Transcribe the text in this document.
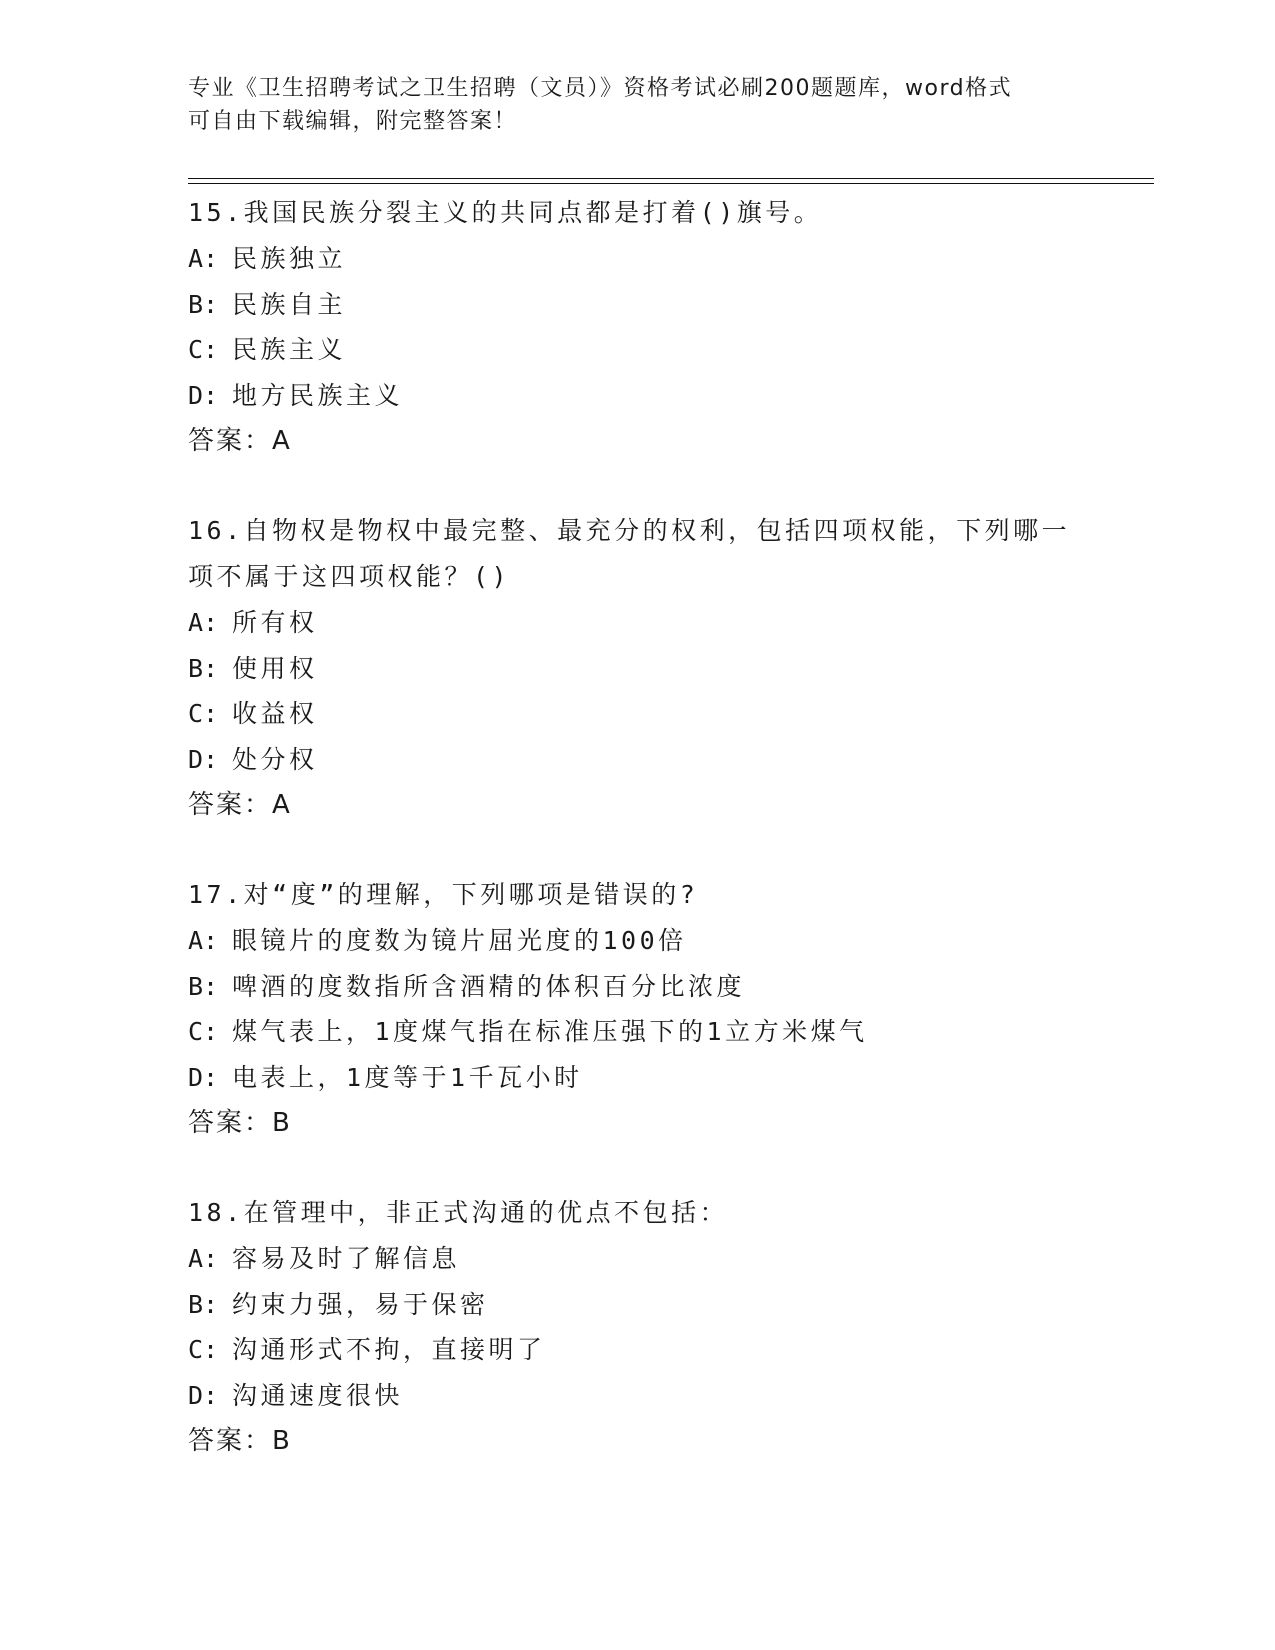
专业《卫生招聘考试之卫生招聘（文员）》资格考试必刷200题题库，word格式
可自由下载编辑，附完整答案！
15.我国民族分裂主义的共同点都是打着()旗号。
A: 民族独立
B: 民族自主
C: 民族主义
D: 地方民族主义
答案：A
16.自物权是物权中最完整、最充分的权利，包括四项权能，下列哪一项不属于这四项权能？()
A: 所有权
B: 使用权
C: 收益权
D: 处分权
答案：A
17.对“度”的理解，下列哪项是错误的?
A: 眼镜片的度数为镜片屈光度的100倍
B: 啤酒的度数指所含酒精的体积百分比浓度
C: 煤气表上，1度煤气指在标准压强下的1立方米煤气
D: 电表上，1度等于1千瓦小时
答案：B
18.在管理中，非正式沟通的优点不包括：
A: 容易及时了解信息
B: 约束力强，易于保密
C: 沟通形式不拘，直接明了
D: 沟通速度很快
答案：B
